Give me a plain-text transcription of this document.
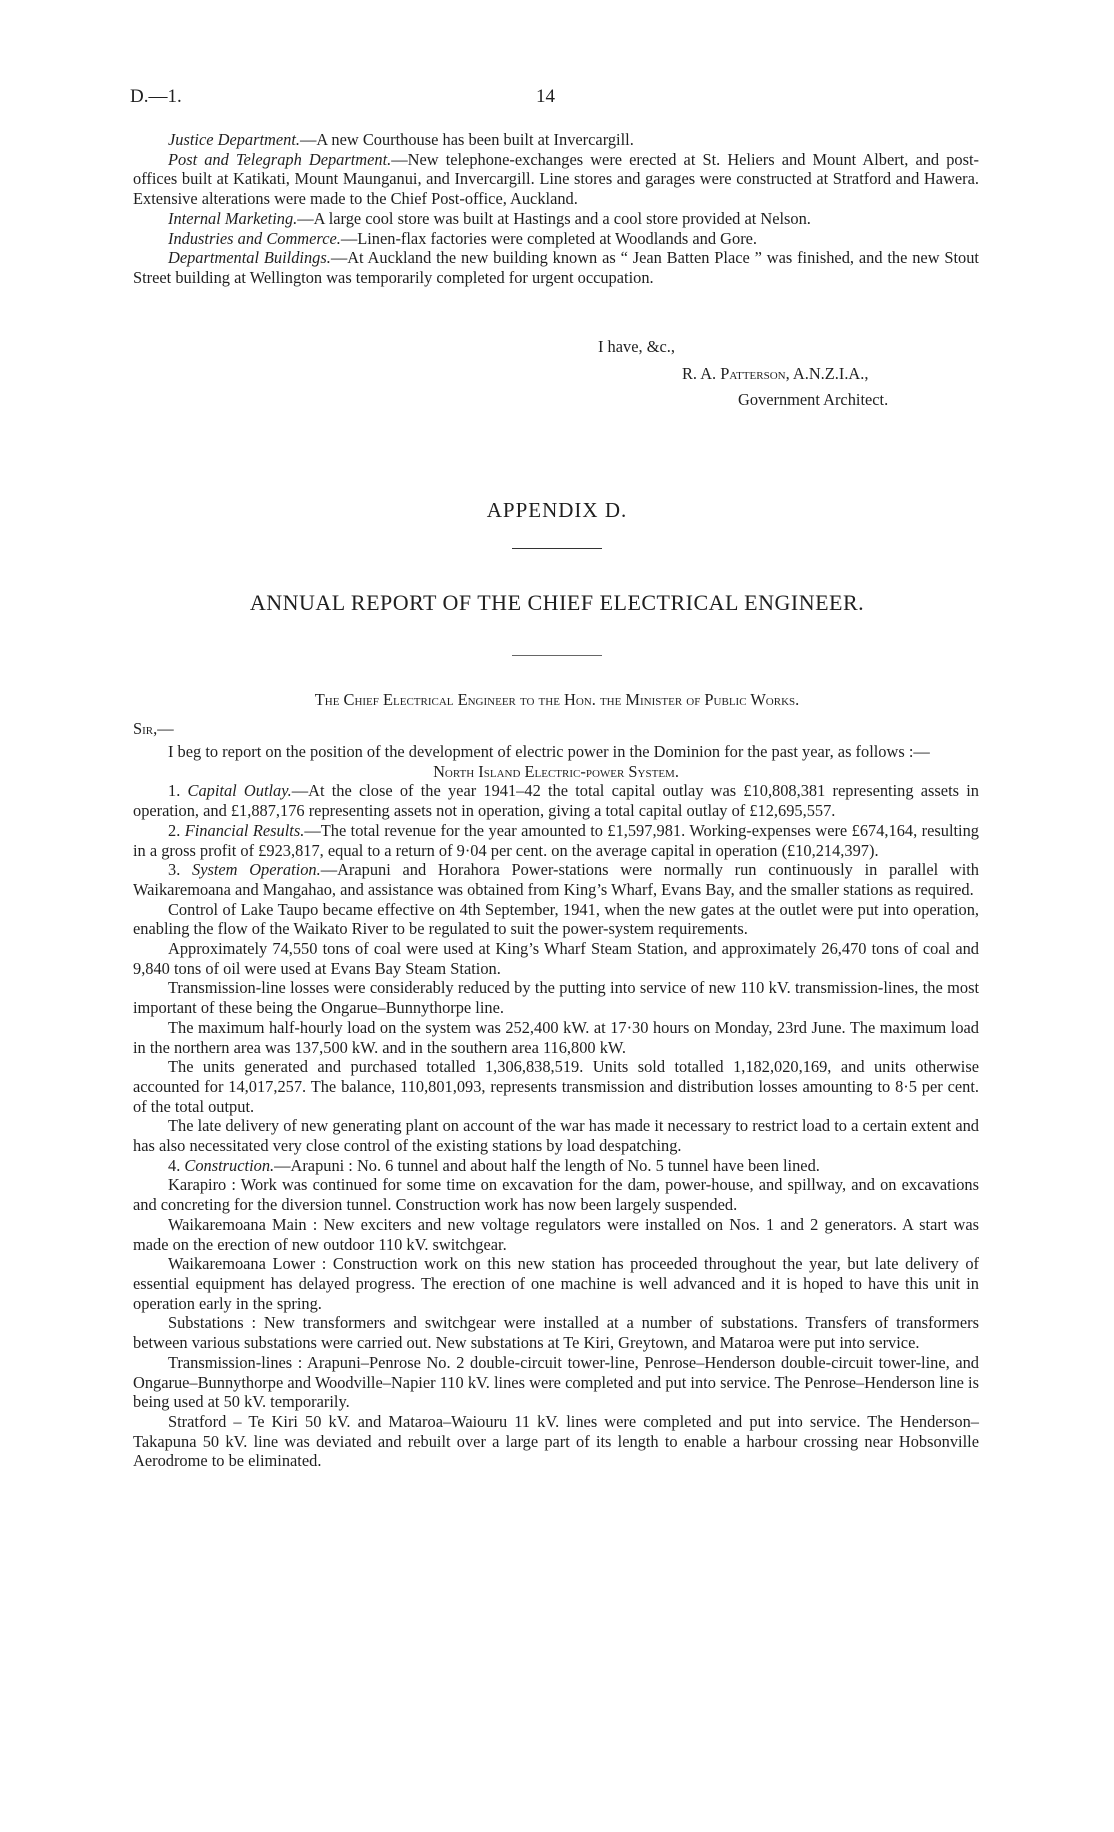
D.—1.	14

Justice Department.—A new Courthouse has been built at Invercargill.

Post and Telegraph Department.—New telephone-exchanges were erected at St. Heliers and Mount Albert, and post-offices built at Katikati, Mount Maunganui, and Invercargill. Line stores and garages were constructed at Stratford and Hawera. Extensive alterations were made to the Chief Post-office, Auckland.

Internal Marketing.—A large cool store was built at Hastings and a cool store provided at Nelson.

Industries and Commerce.—Linen-flax factories were completed at Woodlands and Gore.

Departmental Buildings.—At Auckland the new building known as “ Jean Batten Place ” was finished, and the new Stout Street building at Wellington was temporarily completed for urgent occupation.

I have, &c.,
R. A. Patterson, A.N.Z.I.A.,
Government Architect.
APPENDIX D.
ANNUAL REPORT OF THE CHIEF ELECTRICAL ENGINEER.
The Chief Electrical Engineer to the Hon. the Minister of Public Works.
Sir,—

I beg to report on the position of the development of electric power in the Dominion for the past year, as follows :—

North Island Electric-power System.

1. Capital Outlay.—At the close of the year 1941–42 the total capital outlay was £10,808,381 representing assets in operation, and £1,887,176 representing assets not in operation, giving a total capital outlay of £12,695,557.

2. Financial Results.—The total revenue for the year amounted to £1,597,981. Working-expenses were £674,164, resulting in a gross profit of £923,817, equal to a return of 9·04 per cent. on the average capital in operation (£10,214,397).

3. System Operation.—Arapuni and Horahora Power-stations were normally run continuously in parallel with Waikaremoana and Mangahao, and assistance was obtained from King’s Wharf, Evans Bay, and the smaller stations as required.

Control of Lake Taupo became effective on 4th September, 1941, when the new gates at the outlet were put into operation, enabling the flow of the Waikato River to be regulated to suit the power-system requirements.

Approximately 74,550 tons of coal were used at King’s Wharf Steam Station, and approximately 26,470 tons of coal and 9,840 tons of oil were used at Evans Bay Steam Station.

Transmission-line losses were considerably reduced by the putting into service of new 110 kV. transmission-lines, the most important of these being the Ongarue–Bunnythorpe line.

The maximum half-hourly load on the system was 252,400 kW. at 17·30 hours on Monday, 23rd June. The maximum load in the northern area was 137,500 kW. and in the southern area 116,800 kW.

The units generated and purchased totalled 1,306,838,519. Units sold totalled 1,182,020,169, and units otherwise accounted for 14,017,257. The balance, 110,801,093, represents transmission and distribution losses amounting to 8·5 per cent. of the total output.

The late delivery of new generating plant on account of the war has made it necessary to restrict load to a certain extent and has also necessitated very close control of the existing stations by load despatching.

4. Construction.—Arapuni : No. 6 tunnel and about half the length of No. 5 tunnel have been lined.

Karapiro : Work was continued for some time on excavation for the dam, power-house, and spillway, and on excavations and concreting for the diversion tunnel. Construction work has now been largely suspended.

Waikaremoana Main : New exciters and new voltage regulators were installed on Nos. 1 and 2 generators. A start was made on the erection of new outdoor 110 kV. switchgear.

Waikaremoana Lower : Construction work on this new station has proceeded throughout the year, but late delivery of essential equipment has delayed progress. The erection of one machine is well advanced and it is hoped to have this unit in operation early in the spring.

Substations : New transformers and switchgear were installed at a number of substations. Transfers of transformers between various substations were carried out. New substations at Te Kiri, Greytown, and Mataroa were put into service.

Transmission-lines : Arapuni–Penrose No. 2 double-circuit tower-line, Penrose–Henderson double-circuit tower-line, and Ongarue–Bunnythorpe and Woodville–Napier 110 kV. lines were completed and put into service. The Penrose–Henderson line is being used at 50 kV. temporarily.

Stratford – Te Kiri 50 kV. and Mataroa–Waiouru 11 kV. lines were completed and put into service. The Henderson–Takapuna 50 kV. line was deviated and rebuilt over a large part of its length to enable a harbour crossing near Hobsonville Aerodrome to be eliminated.
